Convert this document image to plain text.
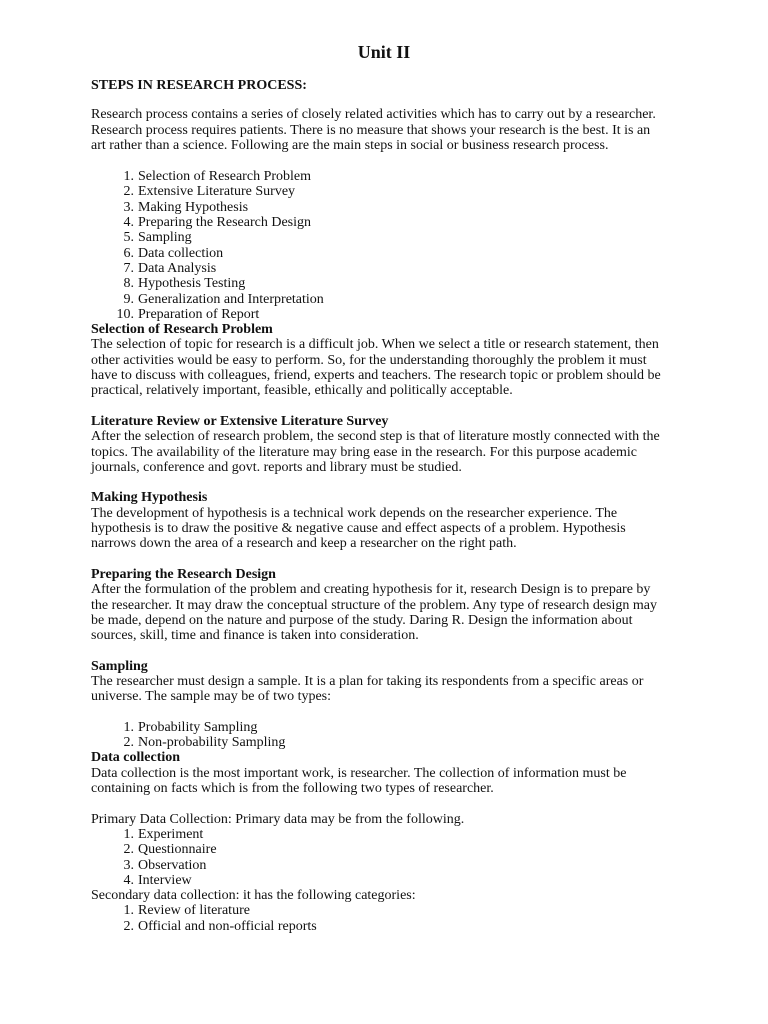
Unit II
STEPS IN RESEARCH PROCESS:

Research process contains a series of closely related activities which has to carry out by a researcher.

Research process requires patients. There is no measure that shows your research is the best. It is an

art rather than a science. Following are the main steps in social or business research process.

1. Selection of Research Problem
2. Extensive Literature Survey
3. Making Hypothesis
4. Preparing the Research Design
5. Sampling
6. Data collection
7. Data Analysis
8. Hypothesis Testing
9. Generalization and Interpretation
10. Preparation of Report

Selection of Research Problem

The selection of topic for research is a difficult job. When we select a title or research statement, then

other activities would be easy to perform. So, for the understanding thoroughly the problem it must

have to discuss with colleagues, friend, experts and teachers. The research topic or problem should be

practical, relatively important, feasible, ethically and politically acceptable.

Literature Review or Extensive Literature Survey

After the selection of research problem, the second step is that of literature mostly connected with the

topics. The availability of the literature may bring ease in the research. For this purpose academic

journals, conference and govt. reports and library must be studied.

Making Hypothesis

The development of hypothesis is a technical work depends on the researcher experience. The

hypothesis is to draw the positive & negative cause and effect aspects of a problem. Hypothesis

narrows down the area of a research and keep a researcher on the right path.

Preparing the Research Design

After the formulation of the problem and creating hypothesis for it, research Design is to prepare by

the researcher. It may draw the conceptual structure of the problem. Any type of research design may

be made, depend on the nature and purpose of the study. Daring R. Design the information about

sources, skill, time and finance is taken into consideration.

Sampling

The researcher must design a sample. It is a plan for taking its respondents from a specific areas or

universe. The sample may be of two types:

1. Probability Sampling
2. Non-probability Sampling

Data collection

Data collection is the most important work, is researcher. The collection of information must be

containing on facts which is from the following two types of researcher.

Primary Data Collection: Primary data may be from the following.

1. Experiment
2. Questionnaire
3. Observation
4. Interview

Secondary data collection: it has the following categories:

1. Review of literature
2. Official and non-official reports
